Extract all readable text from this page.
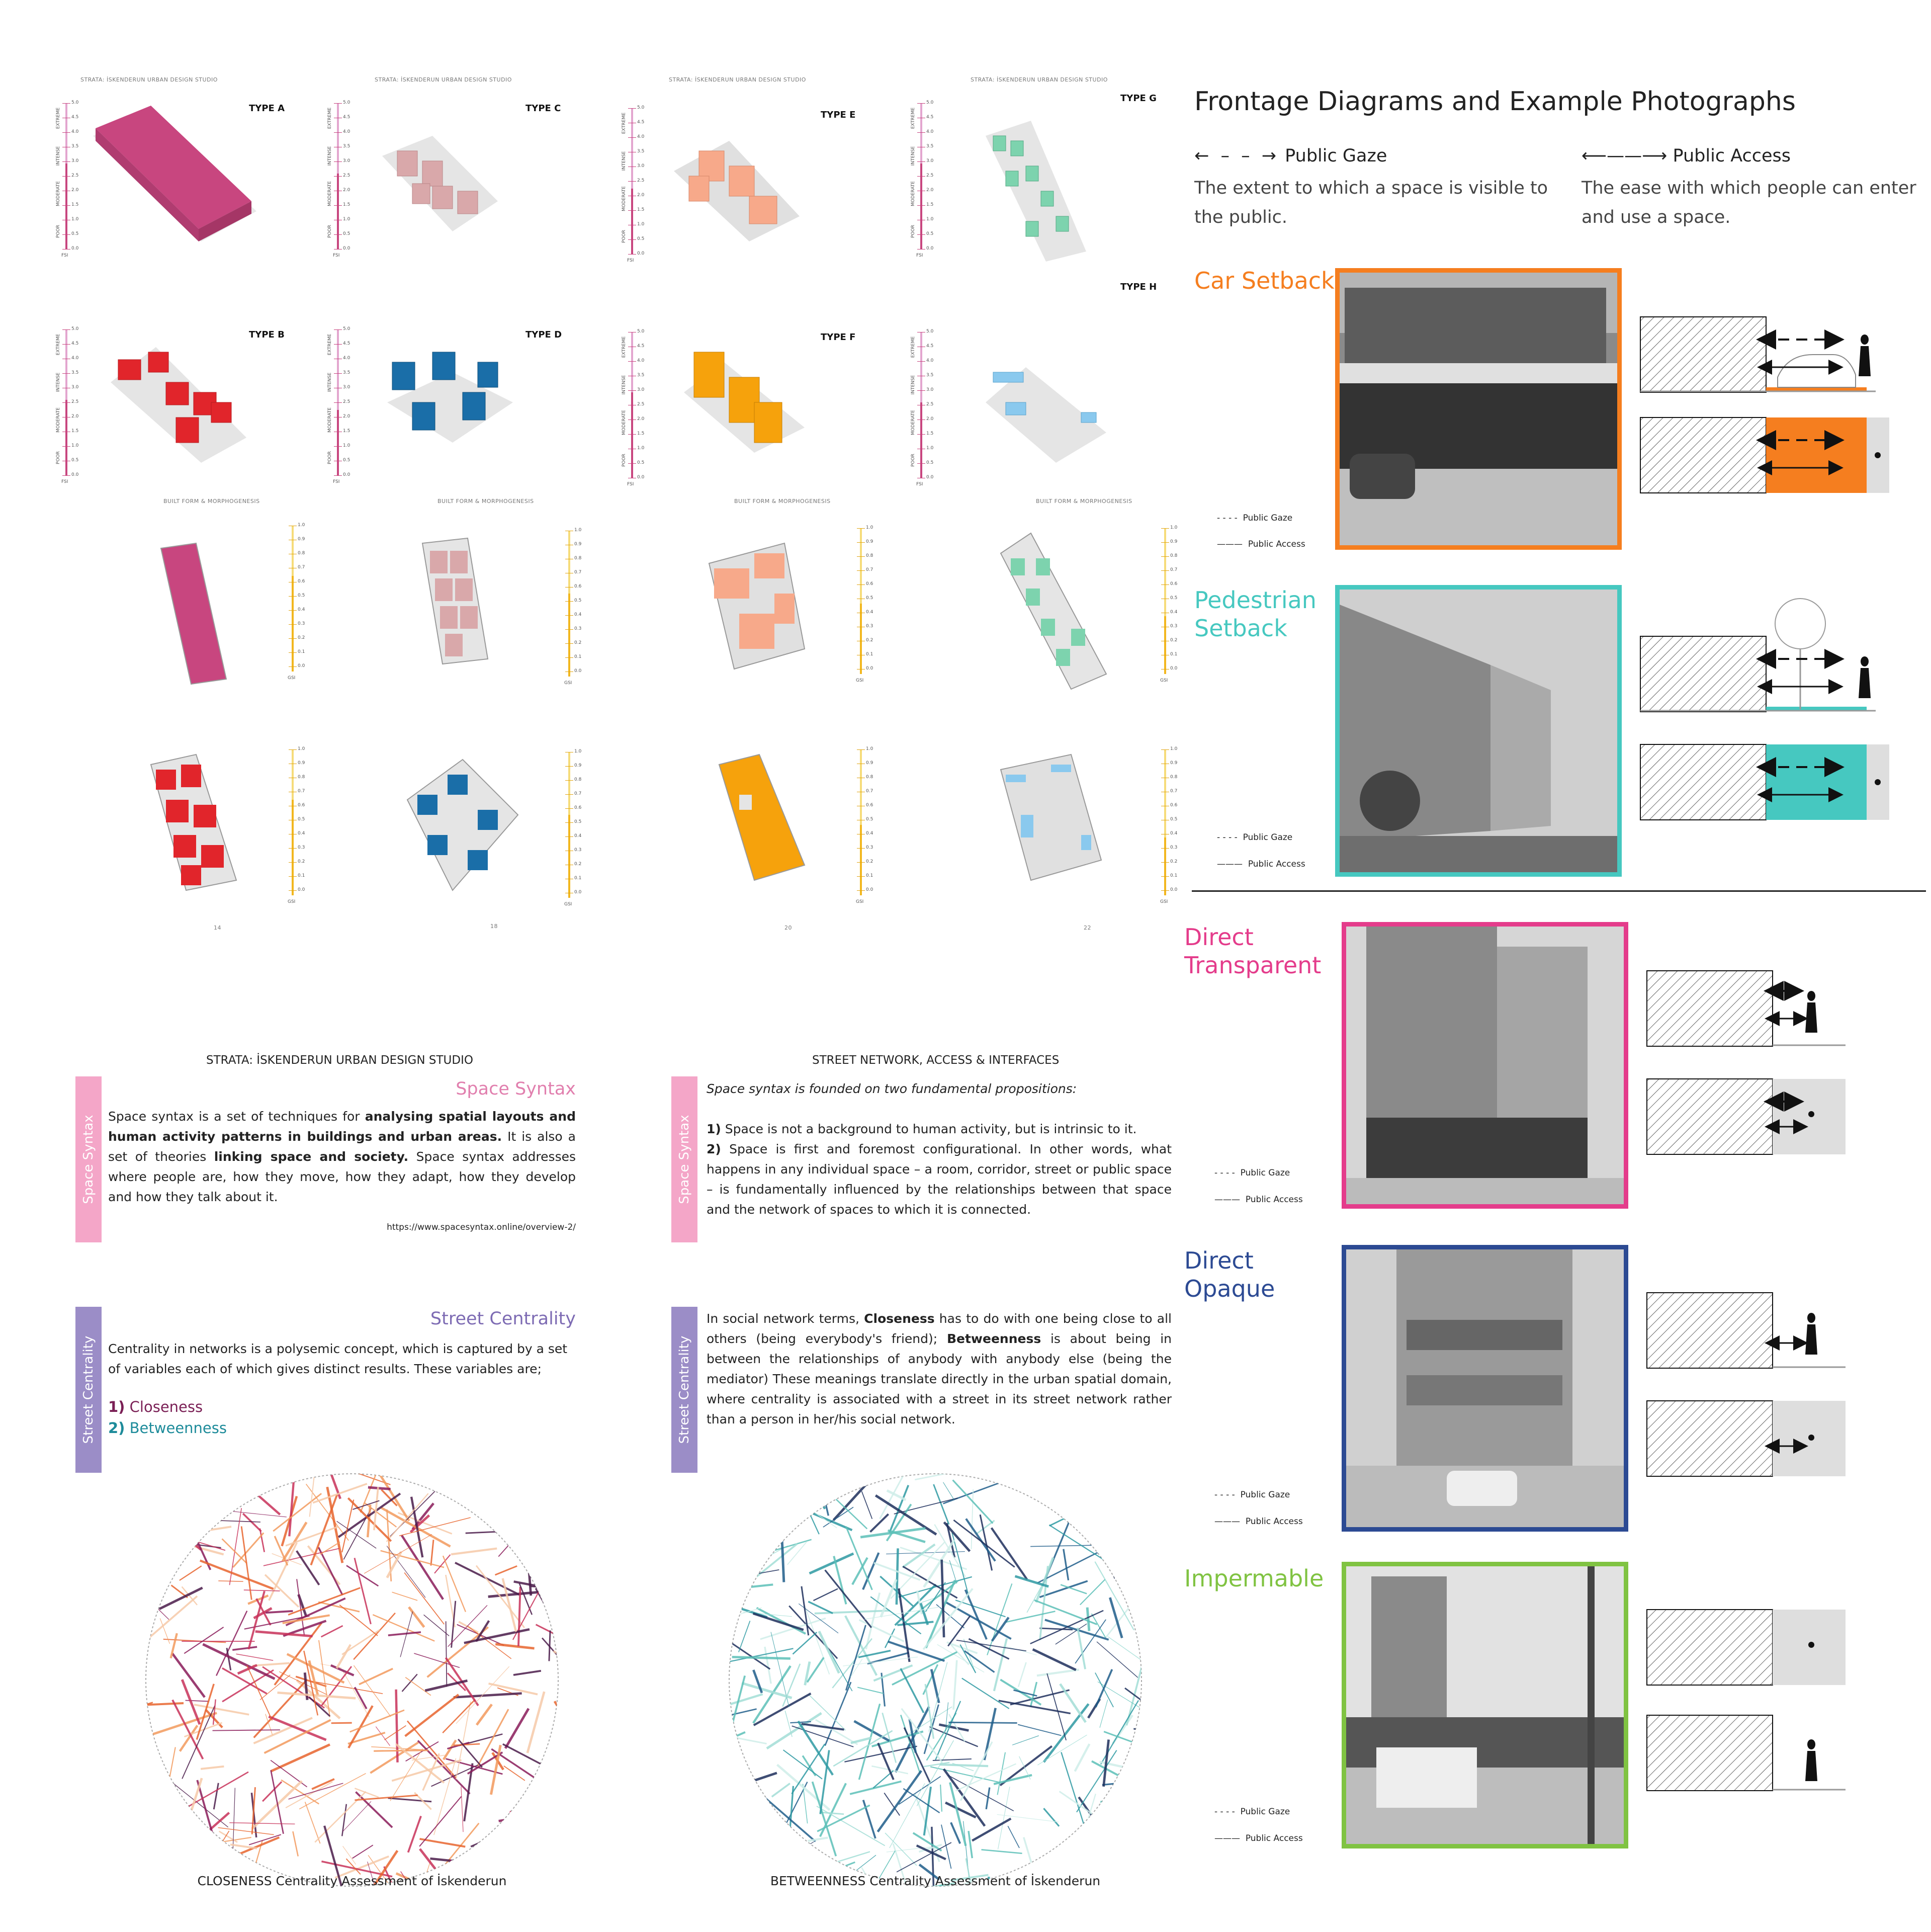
STRATA: İSKENDERUN URBAN DESIGN STUDIO	STRATA: İSKENDERUN URBAN DESIGN STUDIO	STRATA: İSKENDERUN URBAN DESIGN STUDIO	STRATA: İSKENDERUN URBAN DESIGN STUDIO
BUILT FORM & MORPHOGENESIS	BUILT FORM & MORPHOGENESIS	BUILT FORM & MORPHOGENESIS	BUILT FORM & MORPHOGENESIS
TYPE A	TYPE C
TYPE E
TYPE G
TYPE B	TYPE D	TYPE F
TYPE H
14	18	20	22
5.0
4.5
4.0
3.5
3.0
2.5
2.0
1.5
1.0
0.5
0.0
POOR
MODERATE
INTENSE
EXTREME
FSI
5.0
4.5
4.0
3.5
3.0
2.5
2.0
1.5
1.0
0.5
0.0
POOR
MODERATE
INTENSE
EXTREME
FSI
5.0
4.5
4.0
3.5
3.0
2.5
2.0
1.5
1.0
0.5
0.0
POOR
MODERATE
INTENSE
EXTREME
FSI
5.0
4.5
4.0
3.5
3.0
2.5
2.0
1.5
1.0
0.5
0.0
POOR
MODERATE
INTENSE
EXTREME
FSI
5.0
4.5
4.0
3.5
3.0
2.5
2.0
1.5
1.0
0.5
0.0
POOR
MODERATE
INTENSE
EXTREME
FSI
5.0
4.5
4.0
3.5
3.0
2.5
2.0
1.5
1.0
0.5
0.0
POOR
MODERATE
INTENSE
EXTREME
FSI
5.0
4.5
4.0
3.5
3.0
2.5
2.0
1.5
1.0
0.5
0.0
POOR
MODERATE
INTENSE
EXTREME
FSI
5.0
4.5
4.0
3.5
3.0
2.5
2.0
1.5
1.0
0.5
0.0
POOR
MODERATE
INTENSE
EXTREME
FSI
1.0
0.9
0.8
0.7
0.6
0.5
0.4
0.3
0.2
0.1
0.0
GSI
1.0
0.9
0.8
0.7
0.6
0.5
0.4
0.3
0.2
0.1
0.0
GSI
1.0
0.9
0.8
0.7
0.6
0.5
0.4
0.3
0.2
0.1
0.0
GSI
1.0
0.9
0.8
0.7
0.6
0.5
0.4
0.3
0.2
0.1
0.0
GSI
1.0
0.9
0.8
0.7
0.6
0.5
0.4
0.3
0.2
0.1
0.0
GSI
1.0
0.9
0.8
0.7
0.6
0.5
0.4
0.3
0.2
0.1
0.0
GSI
1.0
0.9
0.8
0.7
0.6
0.5
0.4
0.3
0.2
0.1
0.0
GSI
1.0
0.9
0.8
0.7
0.6
0.5
0.4
0.3
0.2
0.1
0.0
GSI
Frontage Diagrams and Example Photographs
← – – → Public Gaze
The extent to which a space is visible to the public.
⟵——⟶ Public Access
The ease with which people can enter and use a space.
Car Setback
- - - -  Public Gaze
———  Public Access
Pedestrian Setback
- - - -  Public Gaze
———  Public Access
Direct Transparent
- - - -  Public Gaze
———  Public Access
Direct Opaque
- - - -  Public Gaze
———  Public Access
Impermable
- - - -  Public Gaze
———  Public Access
STRATA: İSKENDERUN URBAN DESIGN STUDIO	STREET NETWORK, ACCESS & INTERFACES
Space Syntax
Space Syntax
Space syntax is a set of techniques for analysing spatial layouts and human activity patterns in buildings and urban areas. It is also a set of theories linking space and society. Space syntax addresses where people are, how they move, how they adapt, how they develop and how they talk about it.
https://www.spacesyntax.online/overview-2/
Space Syntax
Space syntax is founded on two fundamental propositions:
1) Space is not a background to human activity, but is intrinsic to it.
2) Space is first and foremost configurational. In other words, what happens in any individual space – a room, corridor, street or public space – is fundamentally influenced by the relationships between that space and the network of spaces to which it is connected.
Street Centrality
Street Centrality
Centrality in networks is a polysemic concept, which is captured by a set of variables each of which gives distinct results. These variables are;
1) Closeness
2) Betweenness	Street Centrality
In social network terms, Closeness has to do with one being close to all others (being everybody's friend); Betweenness is about being in between the relationships of anybody with anybody else (being the mediator) These meanings translate directly in the urban spatial domain, where centrality is associated with a street in its street network rather than a person in her/his social network.
CLOSENESS Centrality Assessment of İskenderun	BETWEENNESS Centrality Assessment of İskenderun
